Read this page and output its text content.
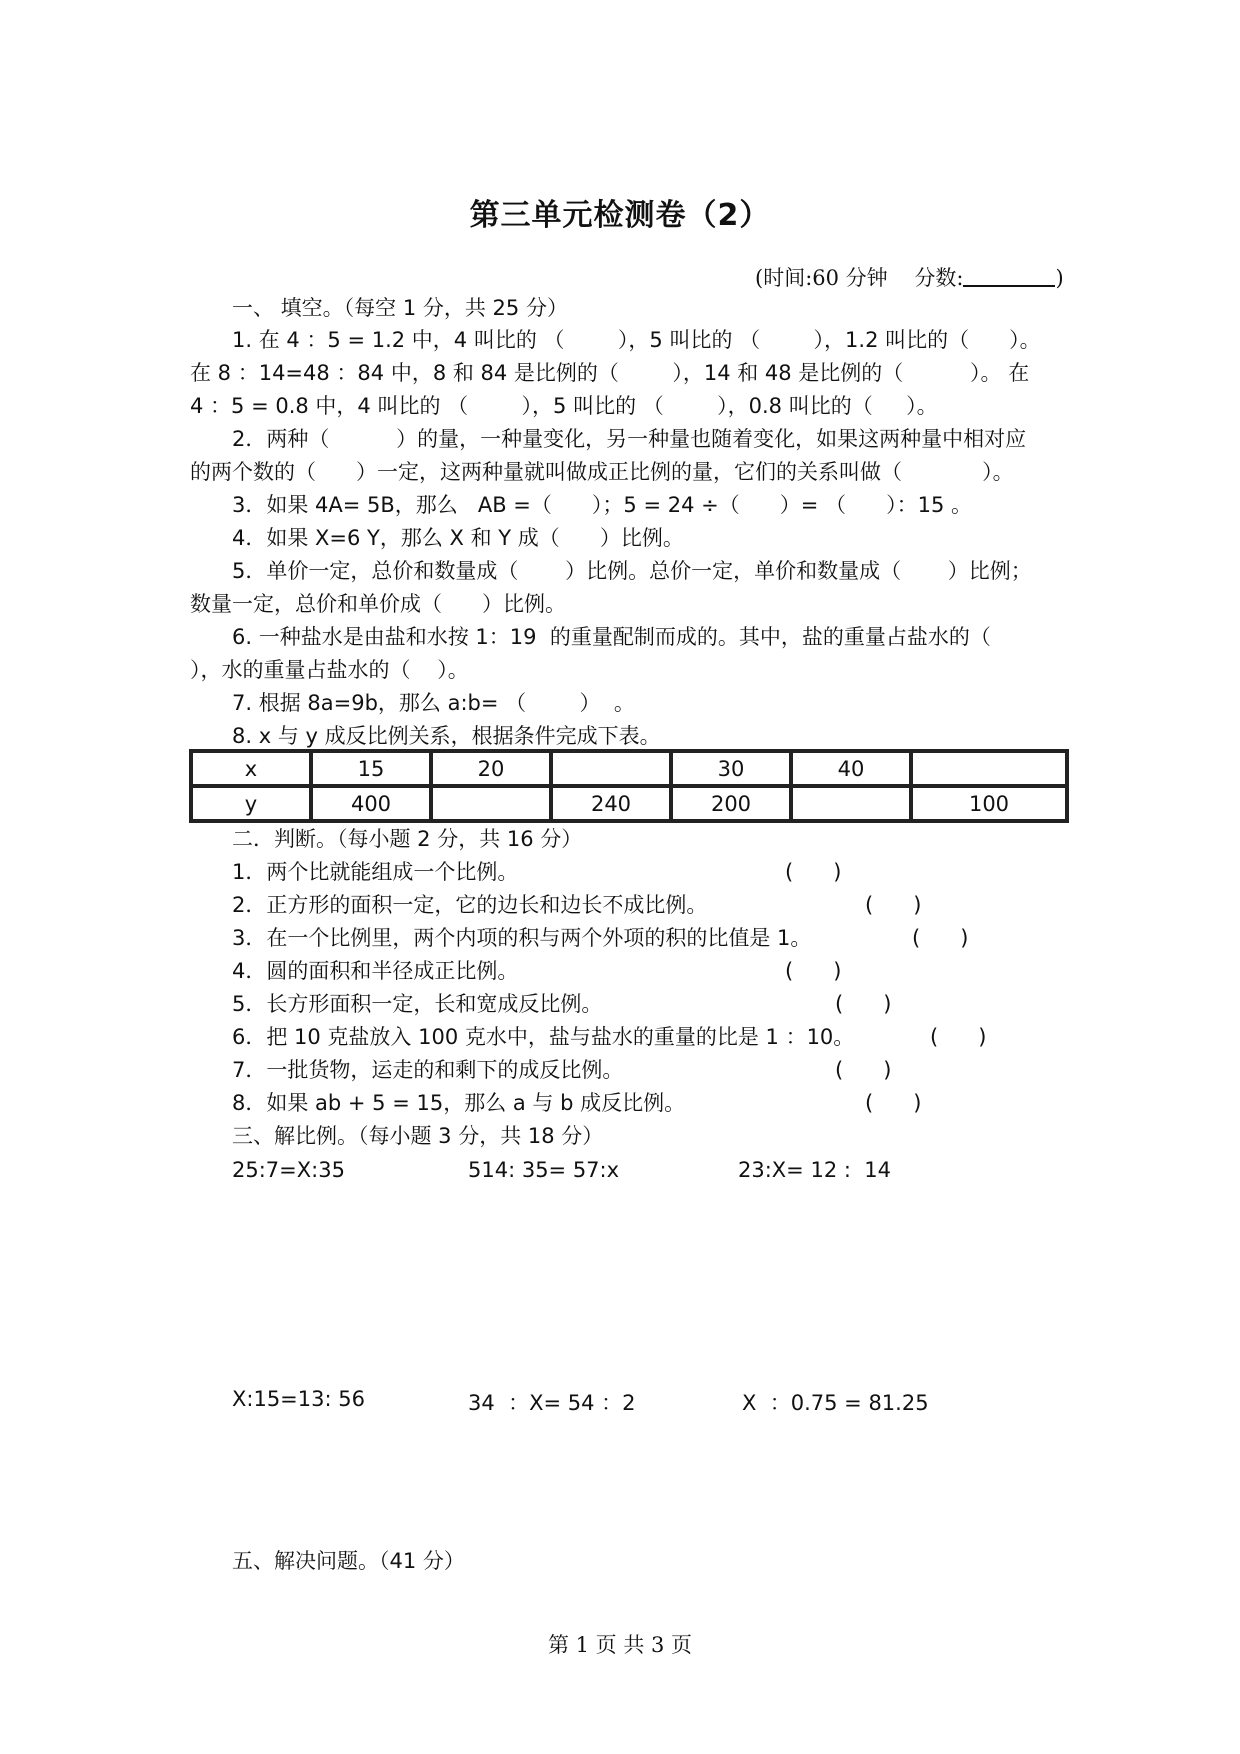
第三单元检测卷（2）
(时间:60 分钟 分数:	)
一、 填空。（每空 1 分，共 25 分）
1. 在 4 ：5 = 1.2 中，4 叫比的 （        ），5 叫比的 （        ），1.2 叫比的（      ）。
在 8 ：14=48 ：84 中，8 和 84 是比例的（        ），14 和 48 是比例的（          ）。 在
4 ：5 = 0.8 中，4 叫比的 （        ），5 叫比的 （        ），0.8 叫比的（     ）。
2．两种（          ）的量，一种量变化，另一种量也随着变化，如果这两种量中相对应
的两个数的（      ）一定，这两种量就叫做成正比例的量，它们的关系叫做（            ）。
3．如果 4A= 5B，那么   AB =（      ）；5 = 24 ÷（      ）= （      ）：15 。
4．如果 X=6 Y，那么 X 和 Y 成（      ）比例。
5．单价一定，总价和数量成（       ）比例。总价一定，单价和数量成（       ）比例；
数量一定，总价和单价成（      ）比例。
6. 一种盐水是由盐和水按 1：19  的重量配制而成的。其中，盐的重量占盐水的（
），水的重量占盐水的（    ）。
7. 根据 8a=9b，那么 a:b= （        ）  。
8. x 与 y 成反比例关系，根据条件完成下表。
x	15	20		30	40	
y	400		240	200		100
二．判断。（每小题 2 分，共 16 分）
1．两个比就能组成一个比例。	(      )
2．正方形的面积一定，它的边长和边长不成比例。	(      )
3．在一个比例里，两个内项的积与两个外项的积的比值是 1。	(      )
4．圆的面积和半径成正比例。	(      )
5．长方形面积一定，长和宽成反比例。	(      )
6．把 10 克盐放入 100 克水中，盐与盐水的重量的比是 1 ：10。	(      )
7．一批货物，运走的和剩下的成反比例。	(      )
8．如果 ab + 5 = 15，那么 a 与 b 成反比例。	(      )
三、解比例。（每小题 3 分，共 18 分）
25:7=X:35	514: 35= 57:x	23:X= 12 :  14
X:15=13: 56	34  ：X= 54 ：2	X  ：0.75 = 81.25
五、解决问题。（41 分）
第 1 页 共 3 页
